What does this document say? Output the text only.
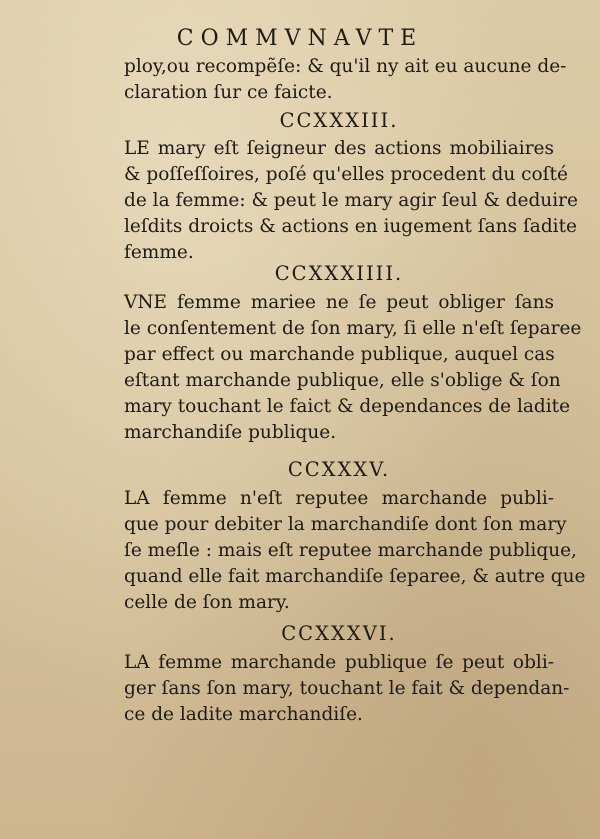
COMMVNAVTE
ploy,ou recompẽſe: & qu'il ny ait eu aucune de-
claration ſur ce faicte.
CCXXXIII.
LE mary eſt ſeigneur des actions mobiliaires
& poſſeſſoires, poſé qu'elles procedent du coſté
de la femme: & peut le mary agir ſeul & deduire
leſdits droicts & actions en iugement ſans ſadite
femme.
CCXXXIIII.
VNE femme mariee ne ſe peut obliger ſans
le conſentement de ſon mary, ſi elle n'eſt ſeparee
par effect ou marchande publique, auquel cas
eſtant marchande publique, elle s'oblige & ſon
mary touchant le faict & dependances de ladite
marchandiſe publique.
CCXXXV.
LA femme n'eſt reputee marchande publi-
que pour debiter la marchandiſe dont ſon mary
ſe meſle : mais eſt reputee marchande publique,
quand elle fait marchandiſe ſeparee, & autre que
celle de ſon mary.
CCXXXVI.
LA femme marchande publique ſe peut obli-
ger ſans ſon mary, touchant le fait & dependan-
ce de ladite marchandiſe.
